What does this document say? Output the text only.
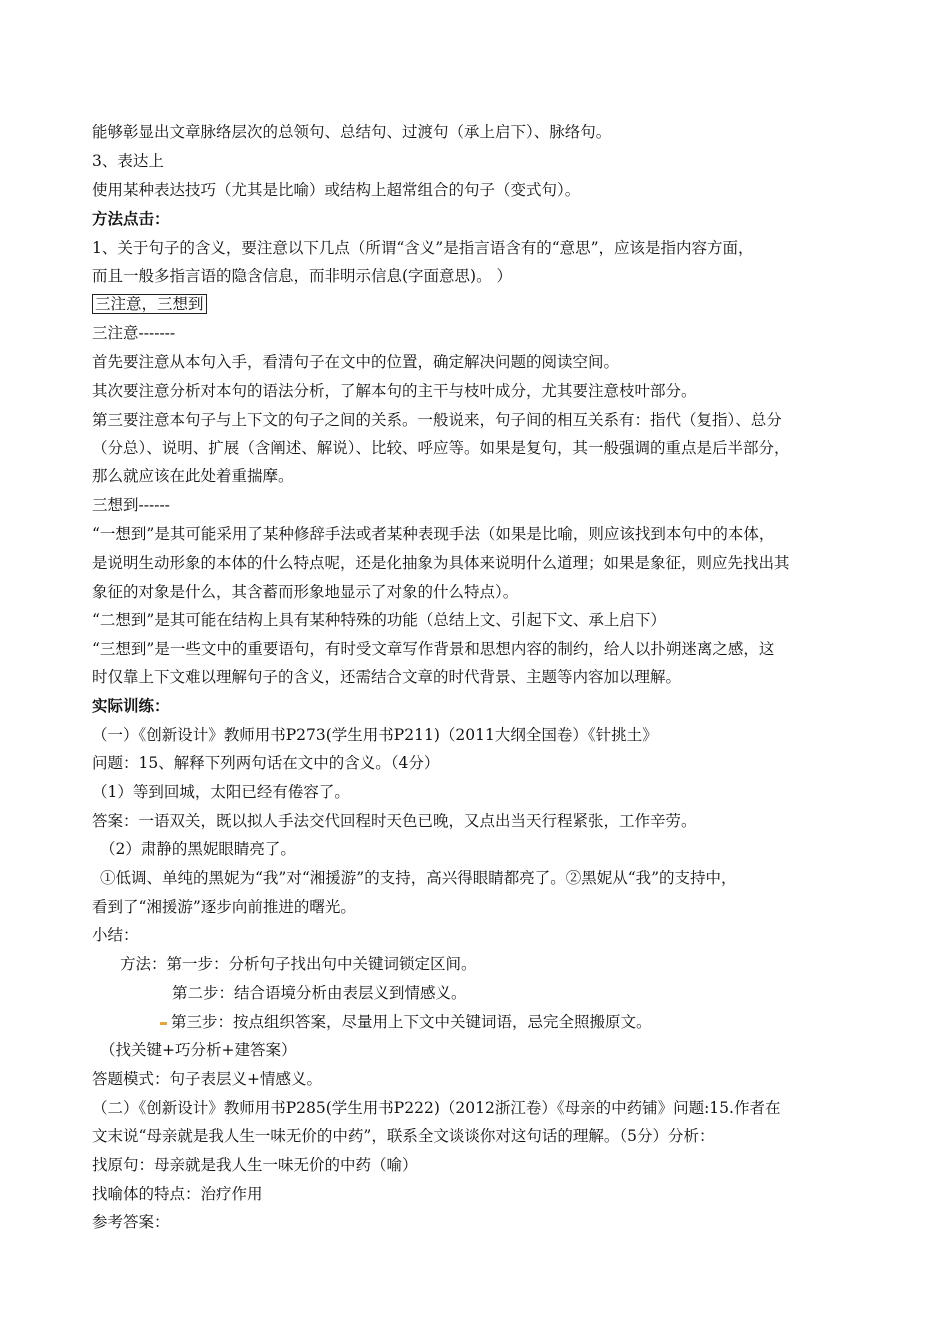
能够彰显出文章脉络层次的总领句、总结句、过渡句（承上启下）、脉络句。
3、表达上
使用某种表达技巧（尤其是比喻）或结构上超常组合的句子（变式句）。
方法点击：
1、关于句子的含义，要注意以下几点（所谓“含义”是指言语含有的“意思”，应该是指内容方面，
而且一般多指言语的隐含信息，而非明示信息(字面意思)。 ）
三注意，三想到
三注意-------
首先要注意从本句入手，看清句子在文中的位置，确定解决问题的阅读空间。
其次要注意分析对本句的语法分析，了解本句的主干与枝叶成分，尤其要注意枝叶部分。
第三要注意本句子与上下文的句子之间的关系。一般说来，句子间的相互关系有：指代（复指）、总分
（分总）、说明、扩展（含阐述、解说）、比较、呼应等。如果是复句，其一般强调的重点是后半部分，
那么就应该在此处着重揣摩。
三想到------
“一想到”是其可能采用了某种修辞手法或者某种表现手法（如果是比喻，则应该找到本句中的本体，
是说明生动形象的本体的什么特点呢，还是化抽象为具体来说明什么道理；如果是象征，则应先找出其
象征的对象是什么，其含蓄而形象地显示了对象的什么特点）。
“二想到”是其可能在结构上具有某种特殊的功能（总结上文、引起下文、承上启下）
“三想到”是一些文中的重要语句，有时受文章写作背景和思想内容的制约，给人以扑朔迷离之感，这
时仅靠上下文难以理解句子的含义，还需结合文章的时代背景、主题等内容加以理解。
实际训练：
（一）《创新设计》教师用书P273(学生用书P211)（2011大纲全国卷）《针挑土》
问题：15、解释下列两句话在文中的含义。（4分）
（1）等到回城，太阳已经有倦容了。
答案：一语双关，既以拟人手法交代回程时天色已晚，又点出当天行程紧张，工作辛劳。
（2）肃静的黑妮眼睛亮了。
①低调、单纯的黑妮为“我”对“湘援游”的支持，高兴得眼睛都亮了。②黑妮从“我”的支持中，
看到了“湘援游”逐步向前推进的曙光。
小结：
方法：第一步：分析句子找出句中关键词锁定区间。
第二步：结合语境分析由表层义到情感义。
第三步：按点组织答案，尽量用上下文中关键词语，忌完全照搬原文。
（找关键+巧分析+建答案）
答题模式：句子表层义+情感义。
（二）《创新设计》教师用书P285(学生用书P222)（2012浙江卷）《母亲的中药铺》问题:15.作者在
文末说“母亲就是我人生一味无价的中药”，联系全文谈谈你对这句话的理解。（5分）分析：
找原句：母亲就是我人生一味无价的中药（喻）
找喻体的特点：治疗作用
参考答案：
